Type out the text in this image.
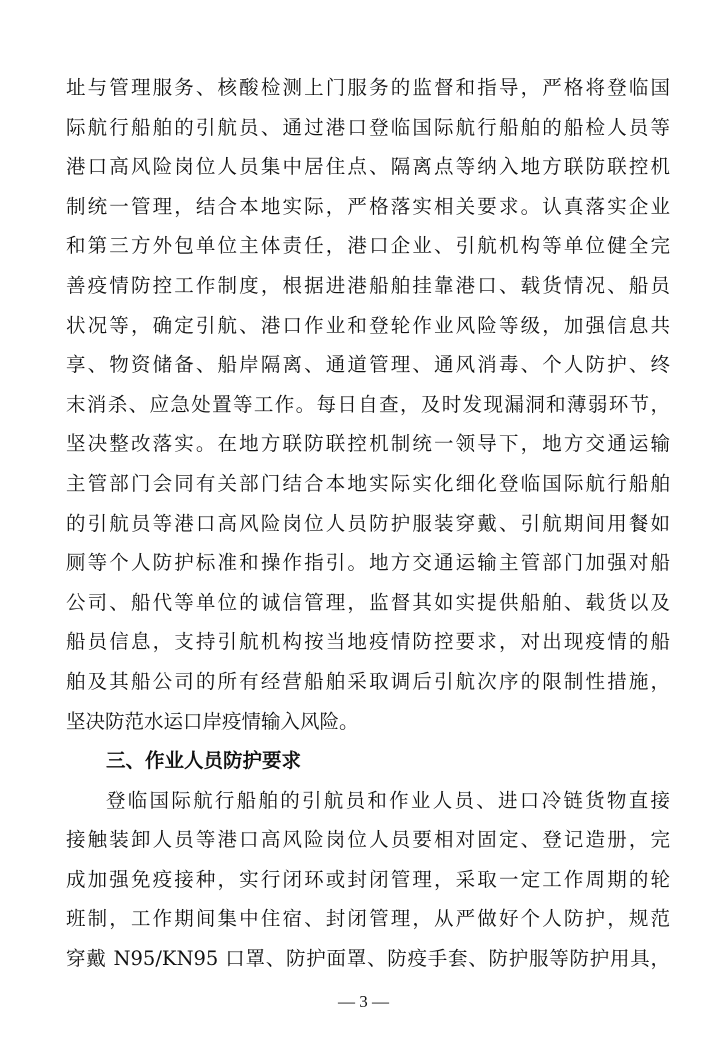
址与管理服务、核酸检测上门服务的监督和指导，严格将登临国
际航行船舶的引航员、通过港口登临国际航行船舶的船检人员等
港口高风险岗位人员集中居住点、隔离点等纳入地方联防联控机
制统一管理，结合本地实际，严格落实相关要求。认真落实企业
和第三方外包单位主体责任，港口企业、引航机构等单位健全完
善疫情防控工作制度，根据进港船舶挂靠港口、载货情况、船员
状况等，确定引航、港口作业和登轮作业风险等级，加强信息共
享、物资储备、船岸隔离、通道管理、通风消毒、个人防护、终
末消杀、应急处置等工作。每日自查，及时发现漏洞和薄弱环节，
坚决整改落实。在地方联防联控机制统一领导下，地方交通运输
主管部门会同有关部门结合本地实际实化细化登临国际航行船舶
的引航员等港口高风险岗位人员防护服装穿戴、引航期间用餐如
厕等个人防护标准和操作指引。地方交通运输主管部门加强对船
公司、船代等单位的诚信管理，监督其如实提供船舶、载货以及
船员信息，支持引航机构按当地疫情防控要求，对出现疫情的船
舶及其船公司的所有经营船舶采取调后引航次序的限制性措施，
坚决防范水运口岸疫情输入风险。
三、作业人员防护要求
登临国际航行船舶的引航员和作业人员、进口冷链货物直接
接触装卸人员等港口高风险岗位人员要相对固定、登记造册，完
成加强免疫接种，实行闭环或封闭管理，采取一定工作周期的轮
班制，工作期间集中住宿、封闭管理，从严做好个人防护，规范
穿戴 N95/KN95 口罩、防护面罩、防疫手套、防护服等防护用具，
— 3 —
